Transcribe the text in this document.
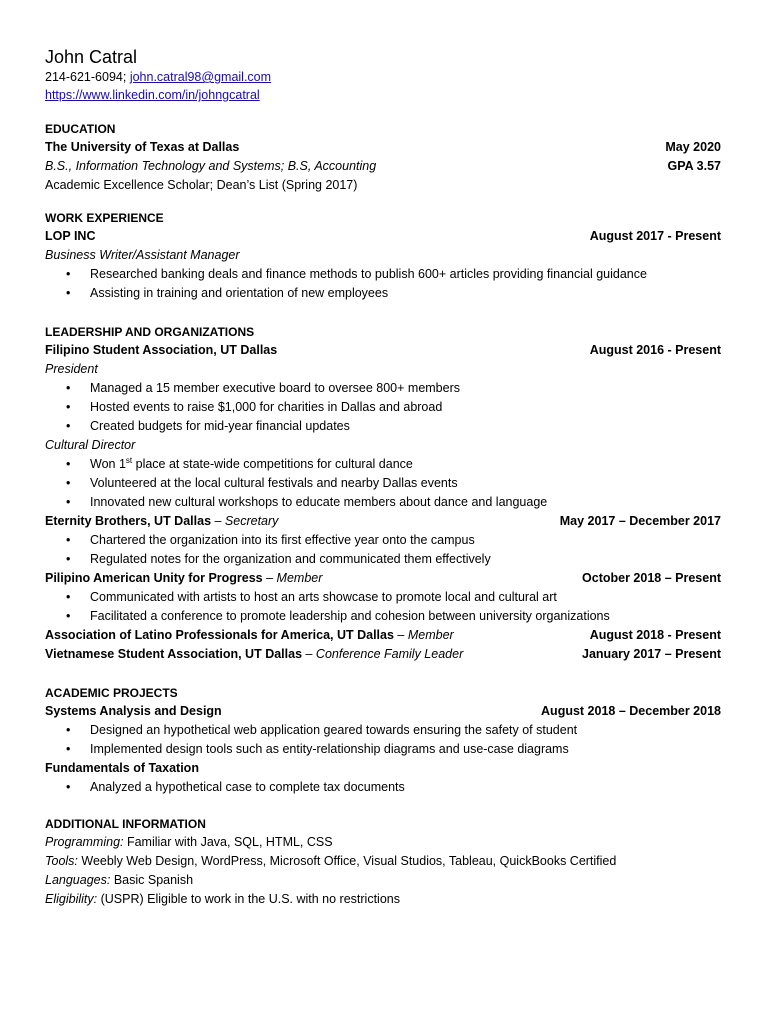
John Catral
214-621-6094; john.catral98@gmail.com
https://www.linkedin.com/in/johngcatral
EDUCATION
The University of Texas at Dallas	May 2020
B.S., Information Technology and Systems; B.S, Accounting	GPA 3.57
Academic Excellence Scholar; Dean’s List (Spring 2017)
WORK EXPERIENCE
LOP INC	August 2017 - Present
Business Writer/Assistant Manager
• Researched banking deals and finance methods to publish 600+ articles providing financial guidance
• Assisting in training and orientation of new employees
LEADERSHIP AND ORGANIZATIONS
Filipino Student Association, UT Dallas	August 2016 - Present
President
• Managed a 15 member executive board to oversee 800+ members
• Hosted events to raise $1,000 for charities in Dallas and abroad
• Created budgets for mid-year financial updates
Cultural Director
• Won 1st place at state-wide competitions for cultural dance
• Volunteered at the local cultural festivals and nearby Dallas events
• Innovated new cultural workshops to educate members about dance and language
Eternity Brothers, UT Dallas – Secretary	May 2017 – December 2017
• Chartered the organization into its first effective year onto the campus
• Regulated notes for the organization and communicated them effectively
Pilipino American Unity for Progress – Member	October 2018 – Present
• Communicated with artists to host an arts showcase to promote local and cultural art
• Facilitated a conference to promote leadership and cohesion between university organizations
Association of Latino Professionals for America, UT Dallas – Member	August 2018 - Present
Vietnamese Student Association, UT Dallas – Conference Family Leader	January 2017 – Present
ACADEMIC PROJECTS
Systems Analysis and Design	August 2018 – December 2018
• Designed an hypothetical web application geared towards ensuring the safety of student
• Implemented design tools such as entity-relationship diagrams and use-case diagrams
Fundamentals of Taxation
• Analyzed a hypothetical case to complete tax documents
ADDITIONAL INFORMATION
Programming: Familiar with Java, SQL, HTML, CSS
Tools: Weebly Web Design, WordPress, Microsoft Office, Visual Studios, Tableau, QuickBooks Certified
Languages: Basic Spanish
Eligibility: (USPR) Eligible to work in the U.S. with no restrictions
